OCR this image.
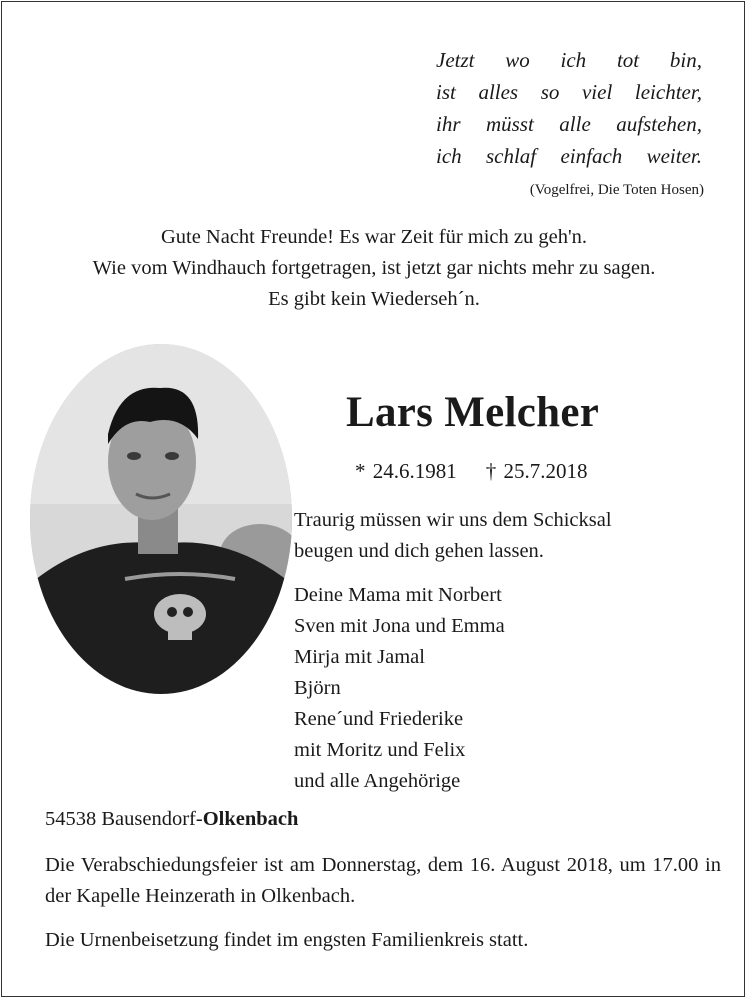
Jetzt wo ich tot bin,
ist alles so viel leichter,
ihr müsst alle aufstehen,
ich schlaf einfach weiter.
(Vogelfrei, Die Toten Hosen)
Gute Nacht Freunde! Es war Zeit für mich zu geh'n.
Wie vom Windhauch fortgetragen, ist jetzt gar nichts mehr zu sagen.
Es gibt kein Wiederseh´n.
Lars Melcher
* 24.6.1981 † 25.7.2018
Traurig müssen wir uns dem Schicksal
beugen und dich gehen lassen.
Deine Mama mit Norbert
Sven mit Jona und Emma
Mirja mit Jamal
Björn
Rene´und Friederike
mit Moritz und Felix
und alle Angehörige
54538 Bausendorf-Olkenbach
Die Verabschiedungsfeier ist am Donnerstag, dem 16. August 2018, um 17.00 in der Kapelle Heinzerath in Olkenbach.
Die Urnenbeisetzung findet im engsten Familienkreis statt.
